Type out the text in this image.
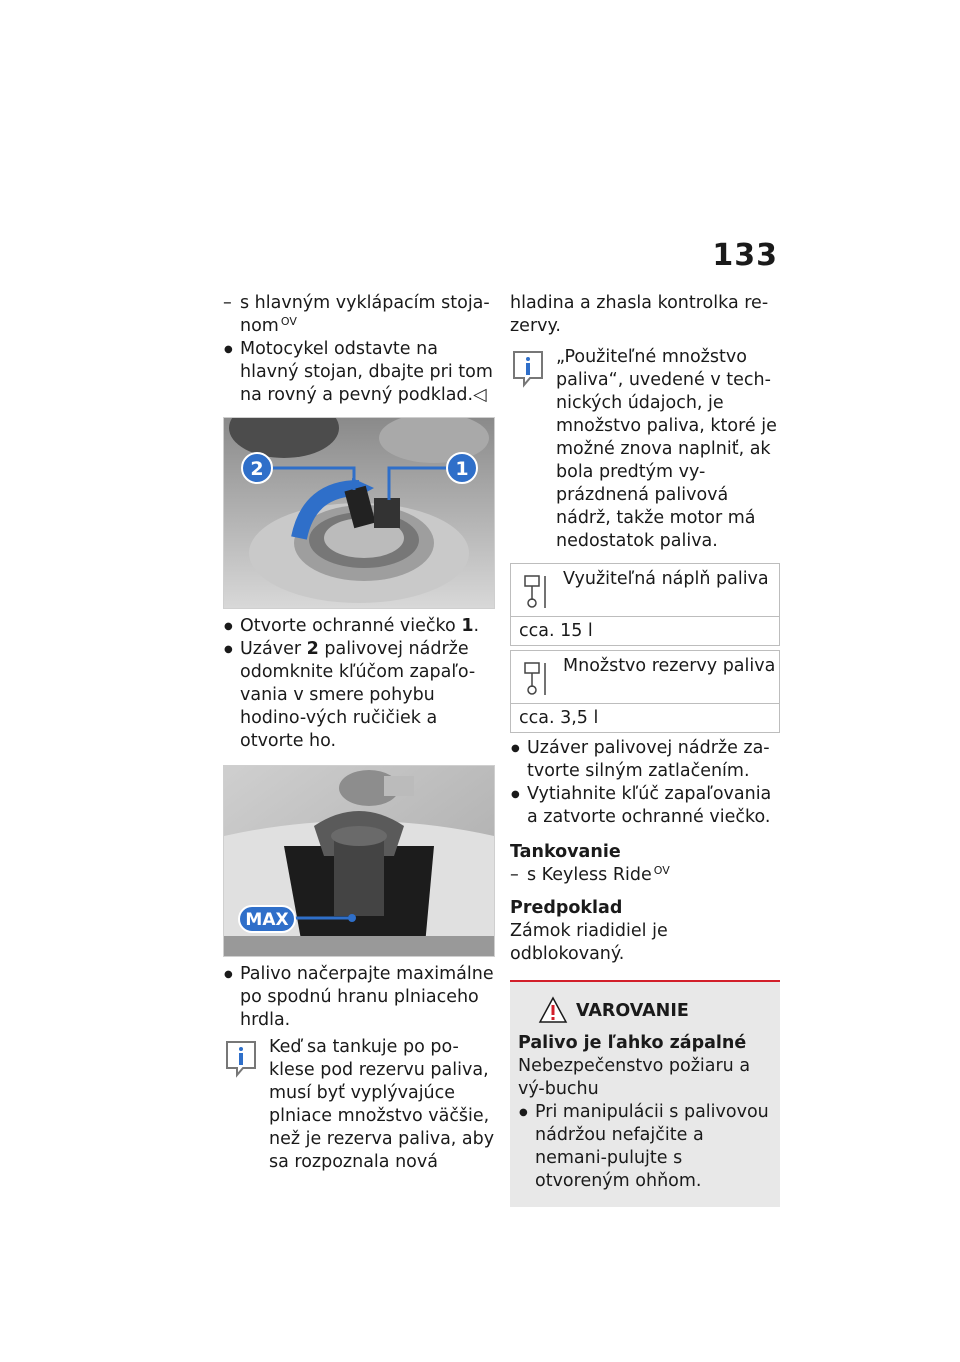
133

– s hlavným vyklápacím stoja-
nom $^{OV}$

● Motocykel odstavte na hlavný stojan, dbajte pri tom na rovný a pevný podklad.◁

2	1

● Otvorte ochranné viečko 1.

● Uzáver 2 palivovej nádrže odomknite kľúčom zapaľo-vania v smere pohybu hodino-vých ručičiek a otvorte ho.

MAX

● Palivo načerpajte maximálne po spodnú hranu plniaceho hrdla.

Keď sa tankuje po po-klese pod rezervu paliva, musí byť vyplývajúce plniace množstvo väčšie, než je rezerva paliva, aby sa rozpoznala nová

hladina a zhasla kontrolka re-zervy.

„Použiteľné množstvo paliva“, uvedené v tech-nických údajoch, je množstvo paliva, ktoré je možné znova naplniť, ak bola predtým vy-prázdnená palivová nádrž, takže motor má nedostatok paliva.

Využiteľná náplň paliva
cca. 15 l
Množstvo rezervy paliva
cca. 3,5 l

● Uzáver palivovej nádrže za-tvorte silným zatlačením.

● Vytiahnite kľúč zapaľovania a zatvorte ochranné viečko.

Tankovanie

– s Keyless Ride $^{OV}$

Predpoklad

Zámok riadidiel je odblokovaný.

VAROVANIE

Palivo je ľahko zápalné

Nebezpečenstvo požiaru a vý-buchu

● Pri manipulácii s palivovou nádržou nefajčite a nemani-pulujte s otvoreným ohňom.
